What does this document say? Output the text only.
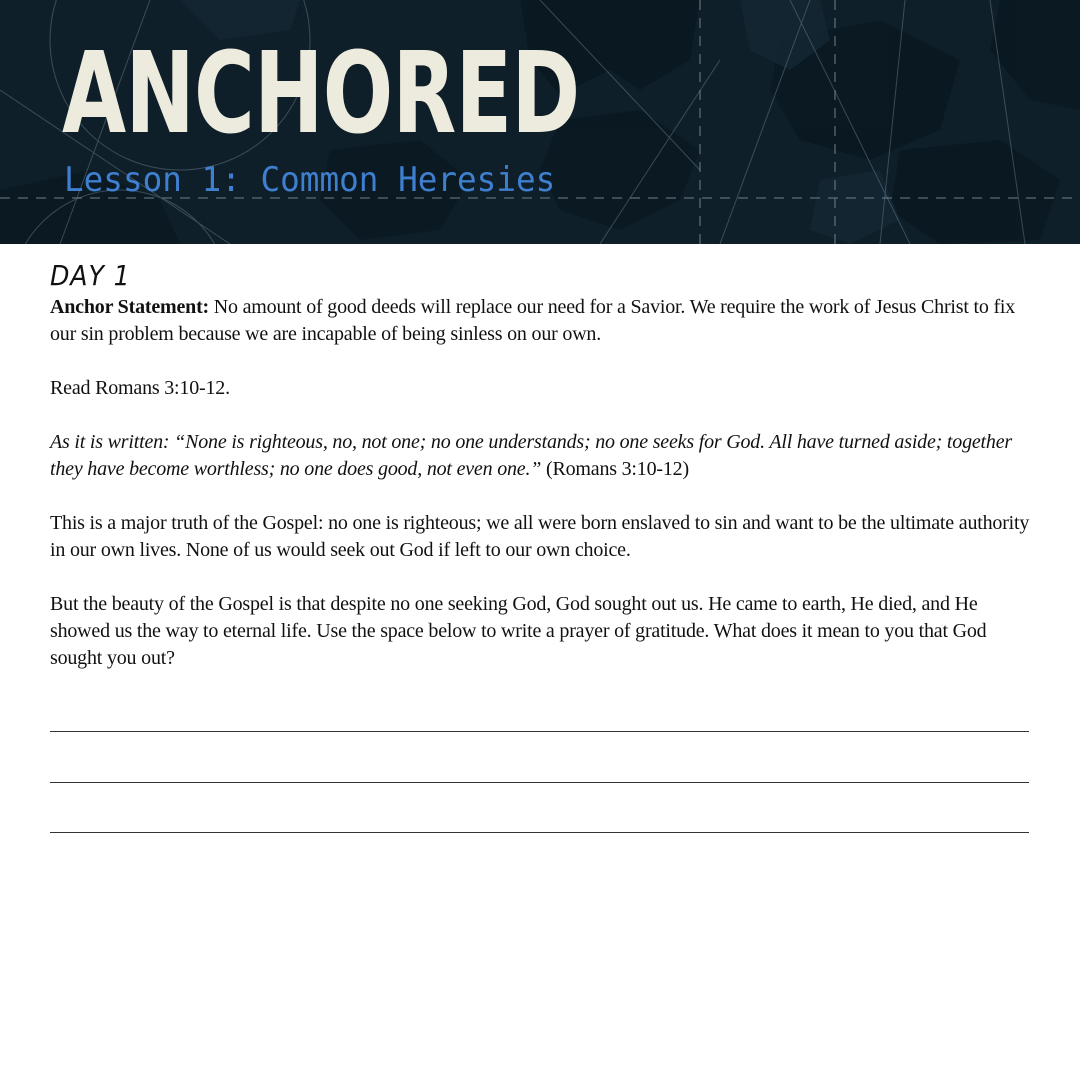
ANCHORED
Lesson 1: Common Heresies
DAY 1

Anchor Statement: No amount of good deeds will replace our need for a Savior. We require the work of Jesus Christ to fix our sin problem because we are incapable of being sinless on our own.

Read Romans 3:10-12.

As it is written: “None is righteous, no, not one; no one understands; no one seeks for God. All have turned aside; together they have become worthless; no one does good, not even one.” (Romans 3:10-12)

This is a major truth of the Gospel: no one is righteous; we all were born enslaved to sin and want to be the ultimate authority in our own lives. None of us would seek out God if left to our own choice.

But the beauty of the Gospel is that despite no one seeking God, God sought out us. He came to earth, He died, and He showed us the way to eternal life. Use the space below to write a prayer of gratitude. What does it mean to you that God sought you out?
